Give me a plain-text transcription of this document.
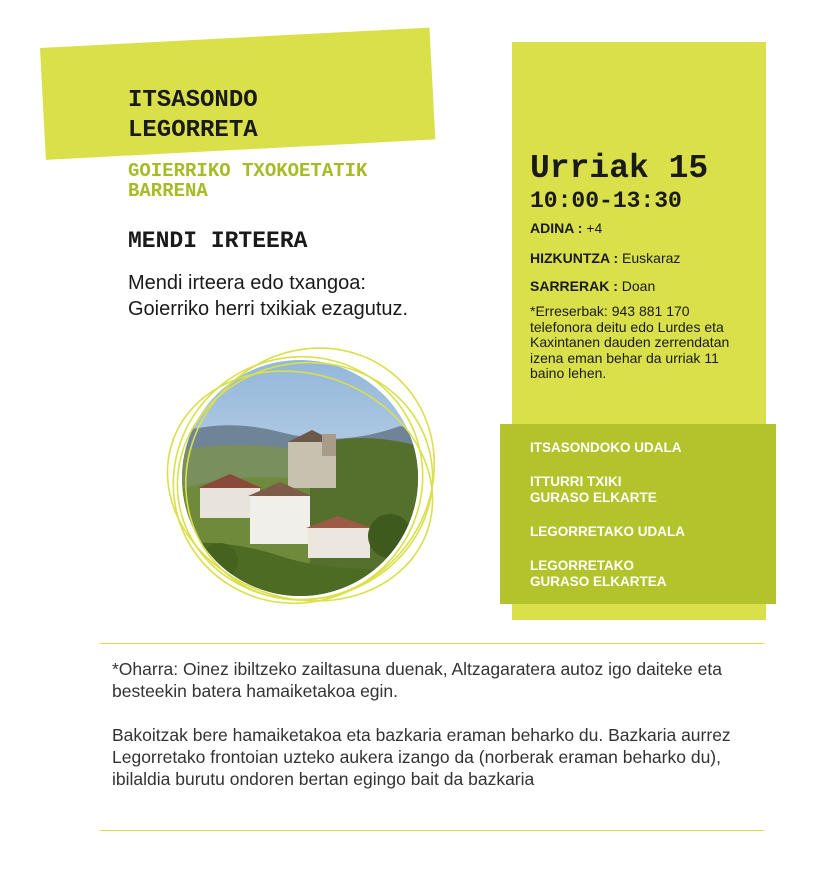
ITSASONDO
LEGORRETA
GOIERRIKO TXOKOETATIK
BARRENA
MENDI IRTEERA
Mendi irteera edo txangoa:
Goierriko herri txikiak ezagutuz.
Urriak 15
10:00-13:30
ADINA : +4
HIZKUNTZA : Euskaraz
SARRERAK : Doan
*Erreserbak: 943 881 170 telefonora deitu edo Lurdes eta Kaxintanen dauden zerrendatan izena eman behar da urriak 11 baino lehen.
ITSASONDOKO UDALA
ITTURRI TXIKI
GURASO ELKARTE
LEGORRETAKO UDALA
LEGORRETAKO
GURASO ELKARTEA

*Oharra: Oinez ibiltzeko zailtasuna duenak, Altzagaratera autoz igo daiteke eta besteekin batera hamaiketakoa egin.

Bakoitzak bere hamaiketakoa eta bazkaria eraman beharko du. Bazkaria aurrez Legorretako frontoian uzteko aukera izango da (norberak eraman beharko du), ibilaldia burutu ondoren bertan egingo bait da bazkaria
